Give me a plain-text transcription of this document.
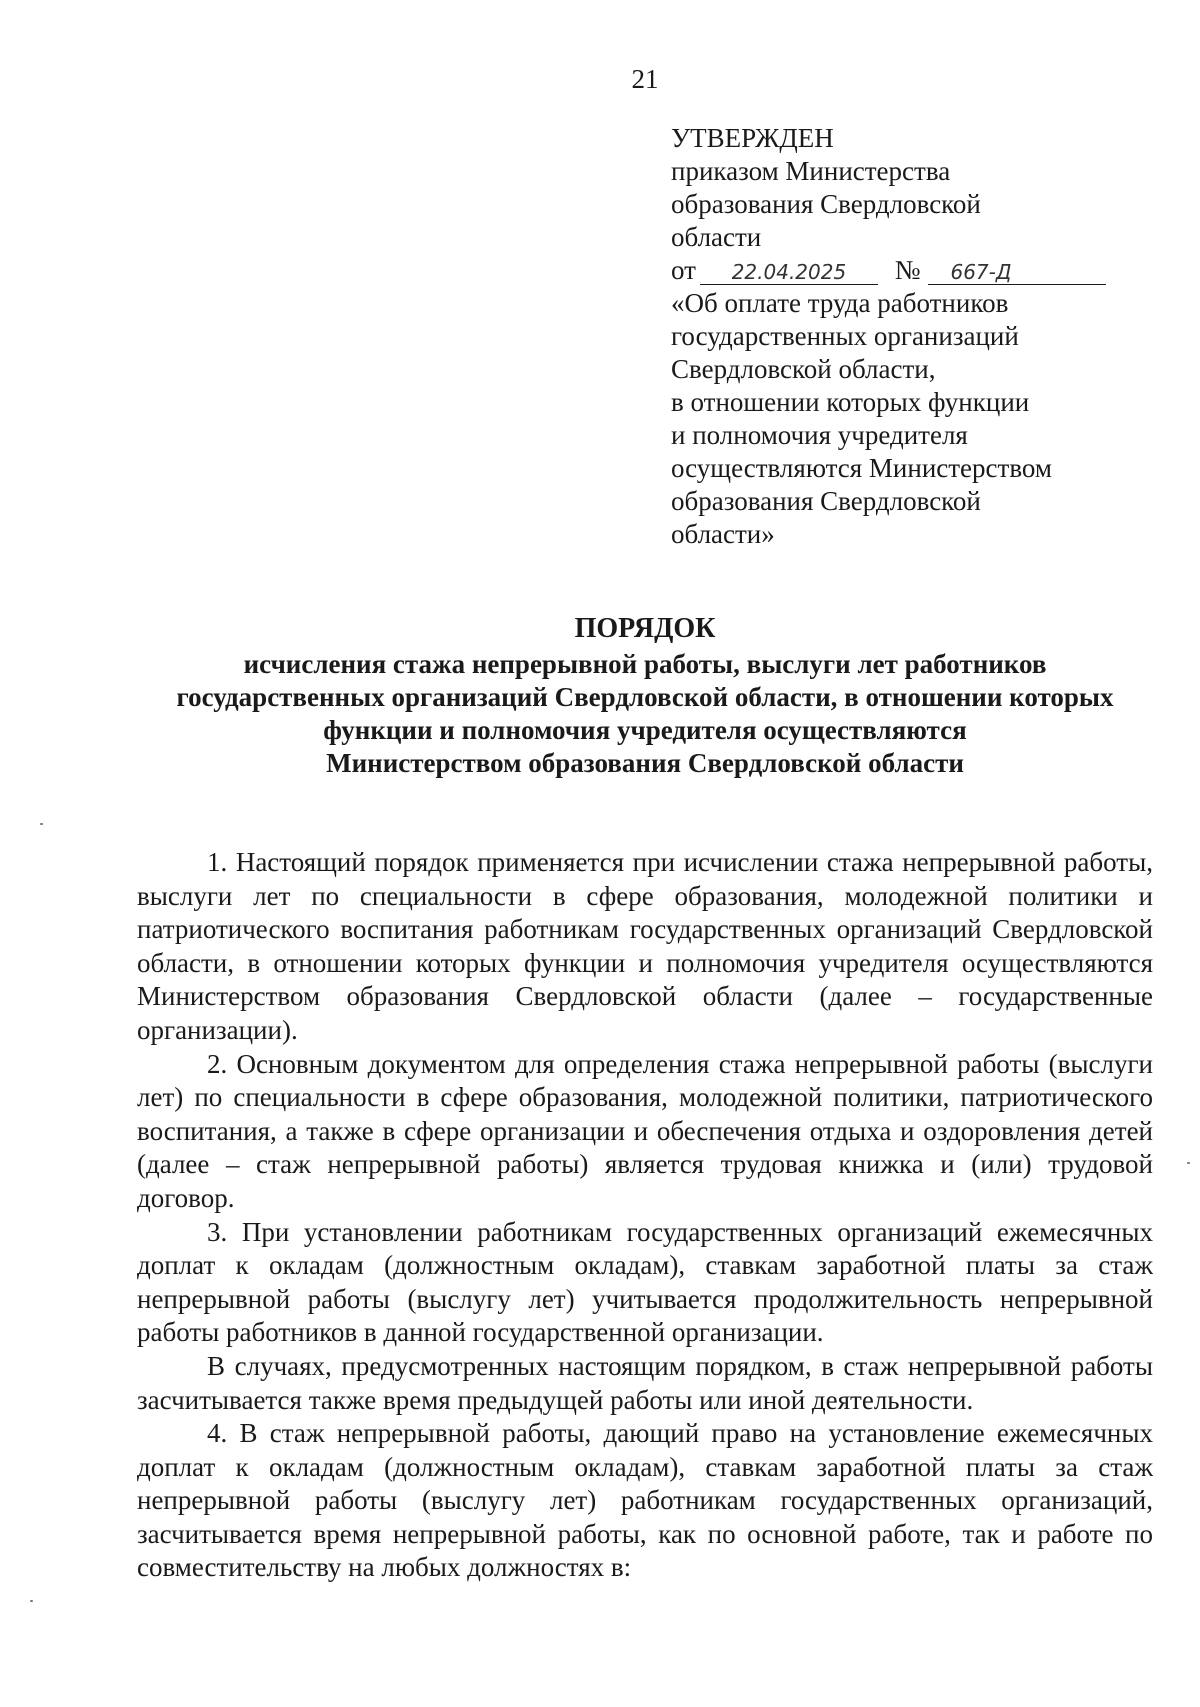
21
УТВЕРЖДЕН
приказом Министерства
образования Свердловской
области
от 22.04.2025 № 667-Д
«Об оплате труда работников
государственных организаций
Свердловской области,
в отношении которых функции
и полномочия учредителя
осуществляются Министерством
образования Свердловской
области»
ПОРЯДОК
исчисления стажа непрерывной работы, выслуги лет работников
государственных организаций Свердловской области, в отношении которых
функции и полномочия учредителя осуществляются
Министерством образования Свердловской области

1. Настоящий порядок применяется при исчислении стажа непрерывной работы, выслуги лет по специальности в сфере образования, молодежной политики и патриотического воспитания работникам государственных организаций Свердловской области, в отношении которых функции и полномочия учредителя осуществляются Министерством образования Свердловской области (далее – государственные организации).

2. Основным документом для определения стажа непрерывной работы (выслуги лет) по специальности в сфере образования, молодежной политики, патриотического воспитания, а также в сфере организации и обеспечения отдыха и оздоровления детей (далее – стаж непрерывной работы) является трудовая книжка и (или) трудовой договор.

3. При установлении работникам государственных организаций ежемесячных доплат к окладам (должностным окладам), ставкам заработной платы за стаж непрерывной работы (выслугу лет) учитывается продолжительность непрерывной работы работников в данной государственной организации.

В случаях, предусмотренных настоящим порядком, в стаж непрерывной работы засчитывается также время предыдущей работы или иной деятельности.

4. В стаж непрерывной работы, дающий право на установление ежемесячных доплат к окладам (должностным окладам), ставкам заработной платы за стаж непрерывной работы (выслугу лет) работникам государственных организаций, засчитывается время непрерывной работы, как по основной работе, так и работе по совместительству на любых должностях в:
